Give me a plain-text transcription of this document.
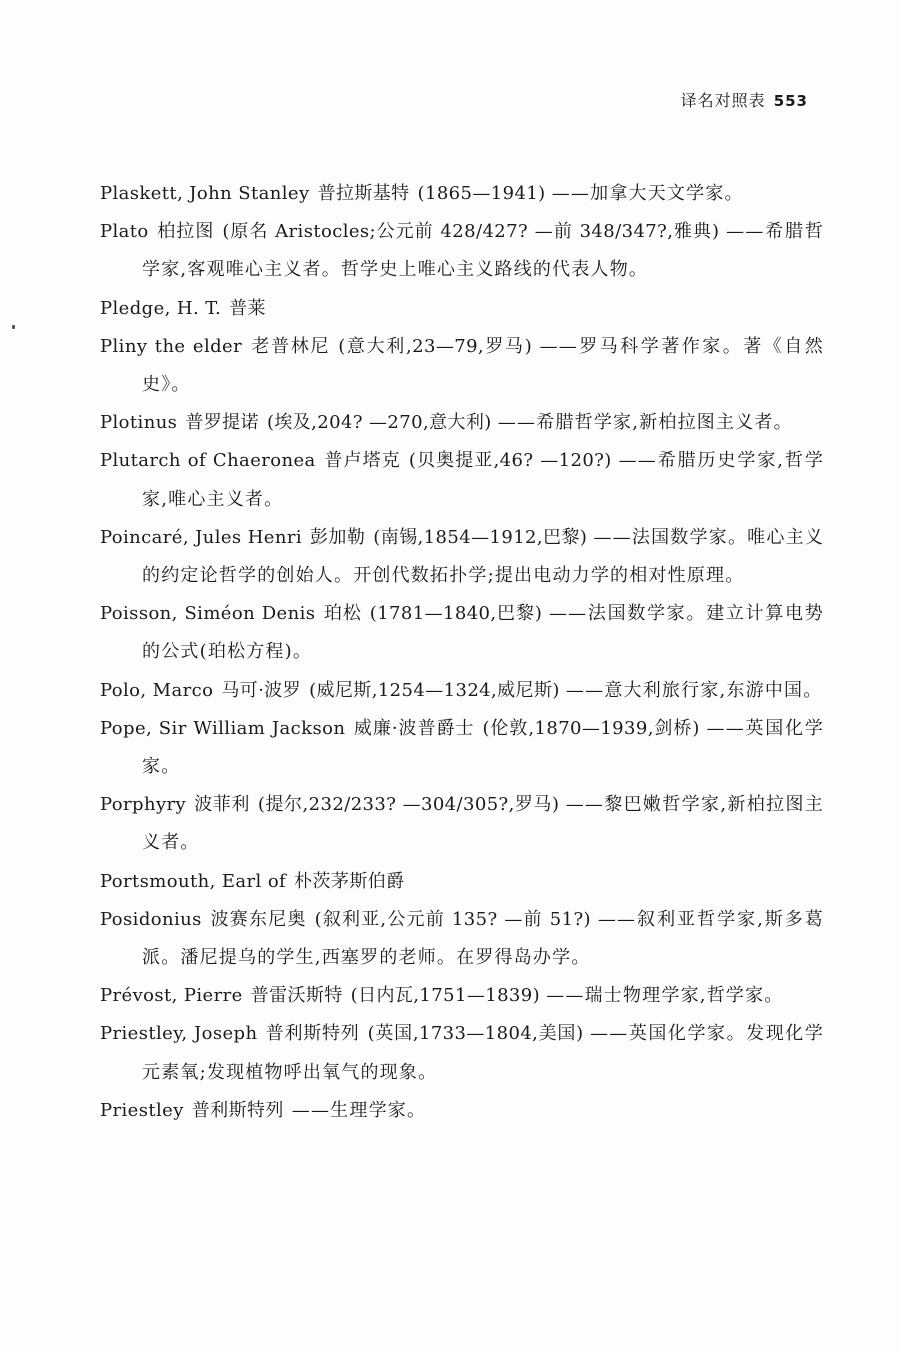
译名对照表 553

Plaskett, John Stanley 普拉斯基特 (1865—1941) ——加拿大天文学家。

Plato 柏拉图 (原名 Aristocles;公元前 428/427? —前 348/347?,雅典) ——希腊哲学家,客观唯心主义者。哲学史上唯心主义路线的代表人物。

Pledge, H. T. 普莱

Pliny the elder 老普林尼 (意大利,23—79,罗马) ——罗马科学著作家。著《自然史》。

Plotinus 普罗提诺 (埃及,204? —270,意大利) ——希腊哲学家,新柏拉图主义者。

Plutarch of Chaeronea 普卢塔克 (贝奥提亚,46? —120?) ——希腊历史学家,哲学家,唯心主义者。

Poincaré, Jules Henri 彭加勒 (南锡,1854—1912,巴黎) ——法国数学家。唯心主义的约定论哲学的创始人。开创代数拓扑学;提出电动力学的相对性原理。

Poisson, Siméon Denis 珀松 (1781—1840,巴黎) ——法国数学家。建立计算电势的公式(珀松方程)。

Polo, Marco 马可·波罗 (威尼斯,1254—1324,威尼斯) ——意大利旅行家,东游中国。

Pope, Sir William Jackson 威廉·波普爵士 (伦敦,1870—1939,剑桥) ——英国化学家。

Porphyry 波菲利 (提尔,232/233? —304/305?,罗马) ——黎巴嫩哲学家,新柏拉图主义者。

Portsmouth, Earl of 朴茨茅斯伯爵

Posidonius 波赛东尼奥 (叙利亚,公元前 135? —前 51?) ——叙利亚哲学家,斯多葛派。潘尼提乌的学生,西塞罗的老师。在罗得岛办学。

Prévost, Pierre 普雷沃斯特 (日内瓦,1751—1839) ——瑞士物理学家,哲学家。

Priestley, Joseph 普利斯特列 (英国,1733—1804,美国) ——英国化学家。发现化学元素氧;发现植物呼出氧气的现象。

Priestley 普利斯特列 ——生理学家。
